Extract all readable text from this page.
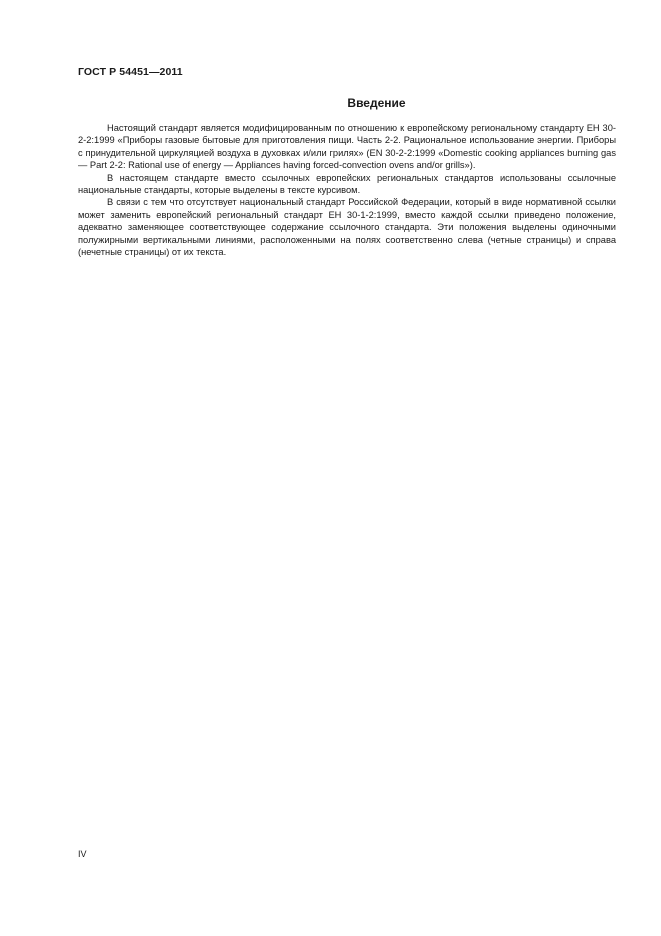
ГОСТ Р 54451—2011
Введение

Настоящий стандарт является модифицированным по отношению к европейскому региональному стандарту ЕН 30-2-2:1999 «Приборы газовые бытовые для приготовления пищи. Часть 2-2. Рациональное использование энергии. Приборы с принудительной циркуляцией воздуха в духовках и/или грилях» (EN 30-2-2:1999 «Domestic cooking appliances burning gas — Part 2-2: Rational use of energy — Appliances having forced-convection ovens and/or grills»).

В настоящем стандарте вместо ссылочных европейских региональных стандартов использованы ссылочные национальные стандарты, которые выделены в тексте курсивом.

В связи с тем что отсутствует национальный стандарт Российской Федерации, который в виде нормативной ссылки может заменить европейский региональный стандарт ЕН 30-1-2:1999, вместо каждой ссылки приведено положение, адекватно заменяющее соответствующее содержание ссылочного стандарта. Эти положения выделены одиночными полужирными вертикальными линиями, расположенными на полях соответственно слева (четные страницы) и справа (нечетные страницы) от их текста.

IV
